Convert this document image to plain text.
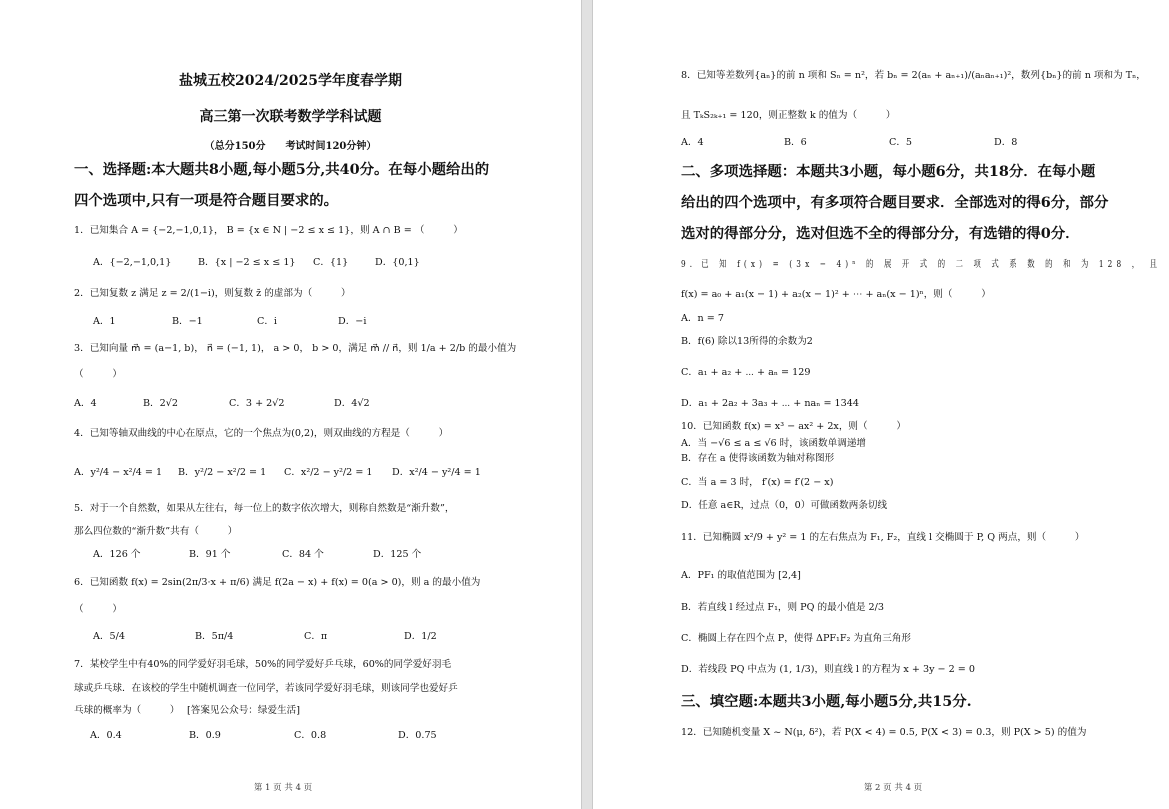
盐城五校2024/2025学年度春学期
高三第一次联考数学学科试题
（总分150分　　考试时间120分钟）
一、选择题:本大题共8小题,每小题5分,共40分。在每小题给出的
四个选项中,只有一项是符合题目要求的。
1．已知集合 A = {−2,−1,0,1}， B = {x ∈ N | −2 ≤ x ≤ 1}，则 A ∩ B = （　　　）
A．{−2,−1,0,1}	B．{x | −2 ≤ x ≤ 1} C．{1}	D．{0,1}
2．已知复数 z 满足 z = 2/(1−i)，则复数 z̄ 的虚部为（　　　）
A．1	B．−1	C．i	D．−i
3．已知向量 m⃗ = (a−1, b)， n⃗ = (−1, 1)， a > 0， b > 0，满足 m⃗ // n⃗，则 1/a + 2/b 的最小值为
（　　　）
A．4	B．2√2	C．3 + 2√2	D．4√2
4．已知等轴双曲线的中心在原点，它的一个焦点为(0,2)，则双曲线的方程是（　　　）
A．y²/4 − x²/4 = 1 B．y²/2 − x²/2 = 1 C．x²/2 − y²/2 = 1 D．x²/4 − y²/4 = 1
5．对于一个自然数，如果从左往右，每一位上的数字依次增大，则称自然数是“渐升数”，
那么四位数的“渐升数”共有（　　　）
A．126 个	B．91 个	C．84 个	D．125 个
6．已知函数 f(x) = 2sin(2π/3·x + π/6) 满足 f(2a − x) + f(x) = 0(a > 0)，则 a 的最小值为
（　　　）
A．5/4	B．5π/4	C．π	D．1/2
7．某校学生中有40%的同学爱好羽毛球，50%的同学爱好乒乓球，60%的同学爱好羽毛
球或乒乓球．在该校的学生中随机调查一位同学，若该同学爱好羽毛球，则该同学也爱好乒
乓球的概率为（　　　） [答案见公众号：绿爱生活]
A．0.4	B．0.9	C．0.8	D．0.75
第 1 页 共 4 页
8．已知等差数列{aₙ}的前 n 项和 Sₙ = n²，若 bₙ = 2(aₙ + aₙ₊₁)/(aₙaₙ₊₁)²，数列{bₙ}的前 n 项和为 Tₙ，
且 TₖS₂ₖ₊₁ = 120，则正整数 k 的值为（　　　）
A．4	B．6	C．5	D．8
二、多项选择题：本题共3小题，每小题6分，共18分．在每小题
给出的四个选项中，有多项符合题目要求．全部选对的得6分，部分
选对的得部分分，选对但选不全的得部分分，有选错的得0分．
9．已 知 f(x) = (3x − 4)ⁿ 的 展 开 式 的 二 项 式 系 数 的 和 为 128 ， 且
f(x) = a₀ + a₁(x − 1) + a₂(x − 1)² + ⋯ + aₙ(x − 1)ⁿ，则（　　　）
A．n = 7
B．f(6) 除以13所得的余数为2
C．a₁ + a₂ + ⋯ + aₙ = 129
D．a₁ + 2a₂ + 3a₃ + ⋯ + naₙ = 1344
10．已知函数 f(x) = x³ − ax² + 2x，则（　　　）
A．当 −√6 ≤ a ≤ √6 时，该函数单调递增
B．存在 a 使得该函数为轴对称图形
C．当 a = 3 时， f′(x) = f′(2 − x)
D．任意 a∈R，过点（0，0）可做函数两条切线
11．已知椭圆 x²/9 + y² = 1 的左右焦点为 F₁, F₂，直线 l 交椭圆于 P, Q 两点，则（　　　）
A．PF₁ 的取值范围为 [2,4]
B．若直线 l 经过点 F₁，则 PQ 的最小值是 2/3
C．椭圆上存在四个点 P，使得 ΔPF₁F₂ 为直角三角形
D．若线段 PQ 中点为 (1, 1/3)，则直线 l 的方程为 x + 3y − 2 = 0
三、填空题:本题共3小题,每小题5分,共15分.
12．已知随机变量 X ~ N(μ, δ²)，若 P(X < 4) = 0.5, P(X < 3) = 0.3，则 P(X > 5) 的值为
第 2 页 共 4 页
